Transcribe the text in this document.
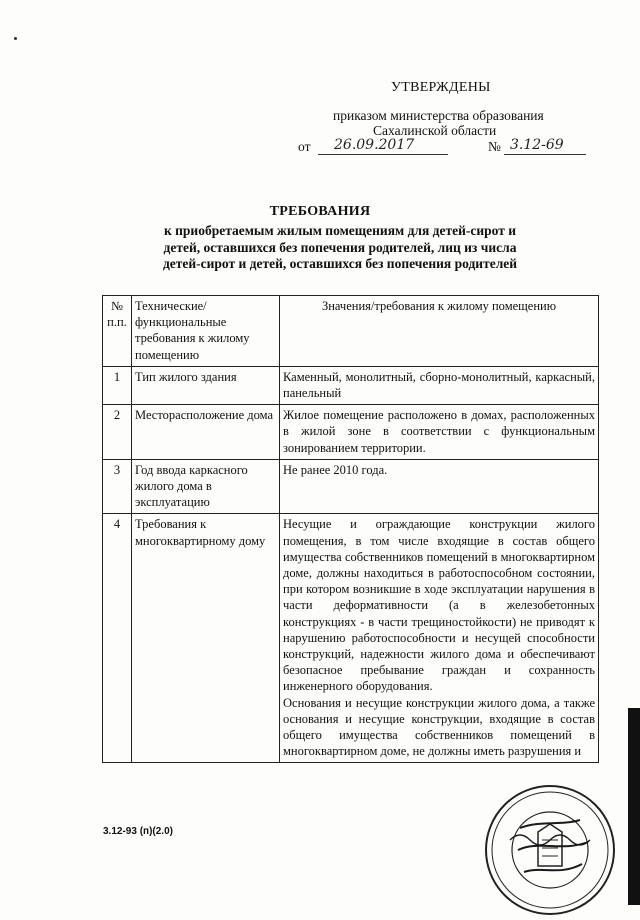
УТВЕРЖДЕНЫ
приказом министерства образования
Сахалинской области
от 26.09.2017	№ 3.12-69
ТРЕБОВАНИЯ
к приобретаемым жилым помещениям для детей-сирот и детей, оставшихся без попечения родителей, лиц из числа детей-сирот и детей, оставшихся без попечения родителей
№ п.п.	Технические/функциональные требования к жилому помещению	Значения/требования к жилому помещению
1	Тип жилого здания	Каменный, монолитный, сборно-монолитный, каркасный, панельный
2	Месторасположение дома	Жилое помещение расположено в домах, расположенных в жилой зоне в соответствии с функциональным зонированием территории.
3	Год ввода каркасного жилого дома в эксплуатацию	Не ранее 2010 года.
4	Требования к многоквартирному дому	Несущие и ограждающие конструкции жилого помещения, в том числе входящие в состав общего имущества собственников помещений в многоквартирном доме, должны находиться в работоспособном состоянии, при котором возникшие в ходе эксплуатации нарушения в части деформативности (а в железобетонных конструкциях - в части трещиностойкости) не приводят к нарушению работоспособности и несущей способности конструкций, надежности жилого дома и обеспечивают безопасное пребывание граждан и сохранность инженерного оборудования.
Основания и несущие конструкции жилого дома, а также основания и несущие конструкции, входящие в состав общего имущества собственников помещений в многоквартирном доме, не должны иметь разрушения и
3.12-93 (п)(2.0)
